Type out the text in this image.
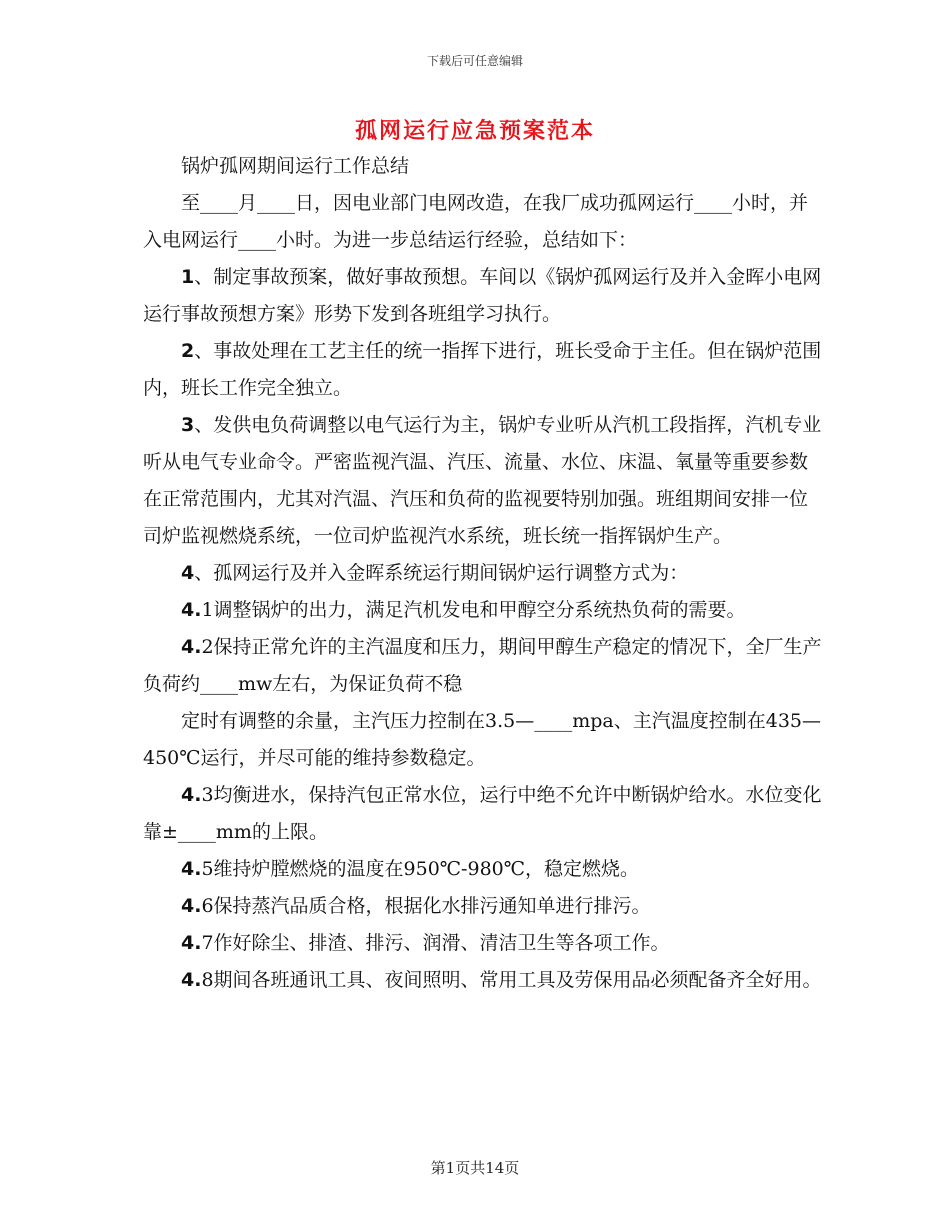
下载后可任意编辑
孤网运行应急预案范本

锅炉孤网期间运行工作总结

至____月____日，因电业部门电网改造，在我厂成功孤网运行____小时，并入电网运行____小时。为进一步总结运行经验，总结如下：

1、制定事故预案，做好事故预想。车间以《锅炉孤网运行及并入金晖小电网运行事故预想方案》形势下发到各班组学习执行。

2、事故处理在工艺主任的统一指挥下进行，班长受命于主任。但在锅炉范围内，班长工作完全独立。

3、发供电负荷调整以电气运行为主，锅炉专业听从汽机工段指挥，汽机专业听从电气专业命令。严密监视汽温、汽压、流量、水位、床温、氧量等重要参数在正常范围内，尤其对汽温、汽压和负荷的监视要特别加强。班组期间安排一位司炉监视燃烧系统，一位司炉监视汽水系统，班长统一指挥锅炉生产。

4、孤网运行及并入金晖系统运行期间锅炉运行调整方式为：

4.1调整锅炉的出力，满足汽机发电和甲醇空分系统热负荷的需要。

4.2保持正常允许的主汽温度和压力，期间甲醇生产稳定的情况下，全厂生产负荷约____mw左右，为保证负荷不稳

定时有调整的余量，主汽压力控制在3.5—____mpa、主汽温度控制在435—450℃运行，并尽可能的维持参数稳定。

4.3均衡进水，保持汽包正常水位，运行中绝不允许中断锅炉给水。水位变化靠±____mm的上限。

4.5维持炉膛燃烧的温度在950℃-980℃，稳定燃烧。

4.6保持蒸汽品质合格，根据化水排污通知单进行排污。

4.7作好除尘、排渣、排污、润滑、清洁卫生等各项工作。

4.8期间各班通讯工具、夜间照明、常用工具及劳保用品必须配备齐全好用。

第1页共14页
